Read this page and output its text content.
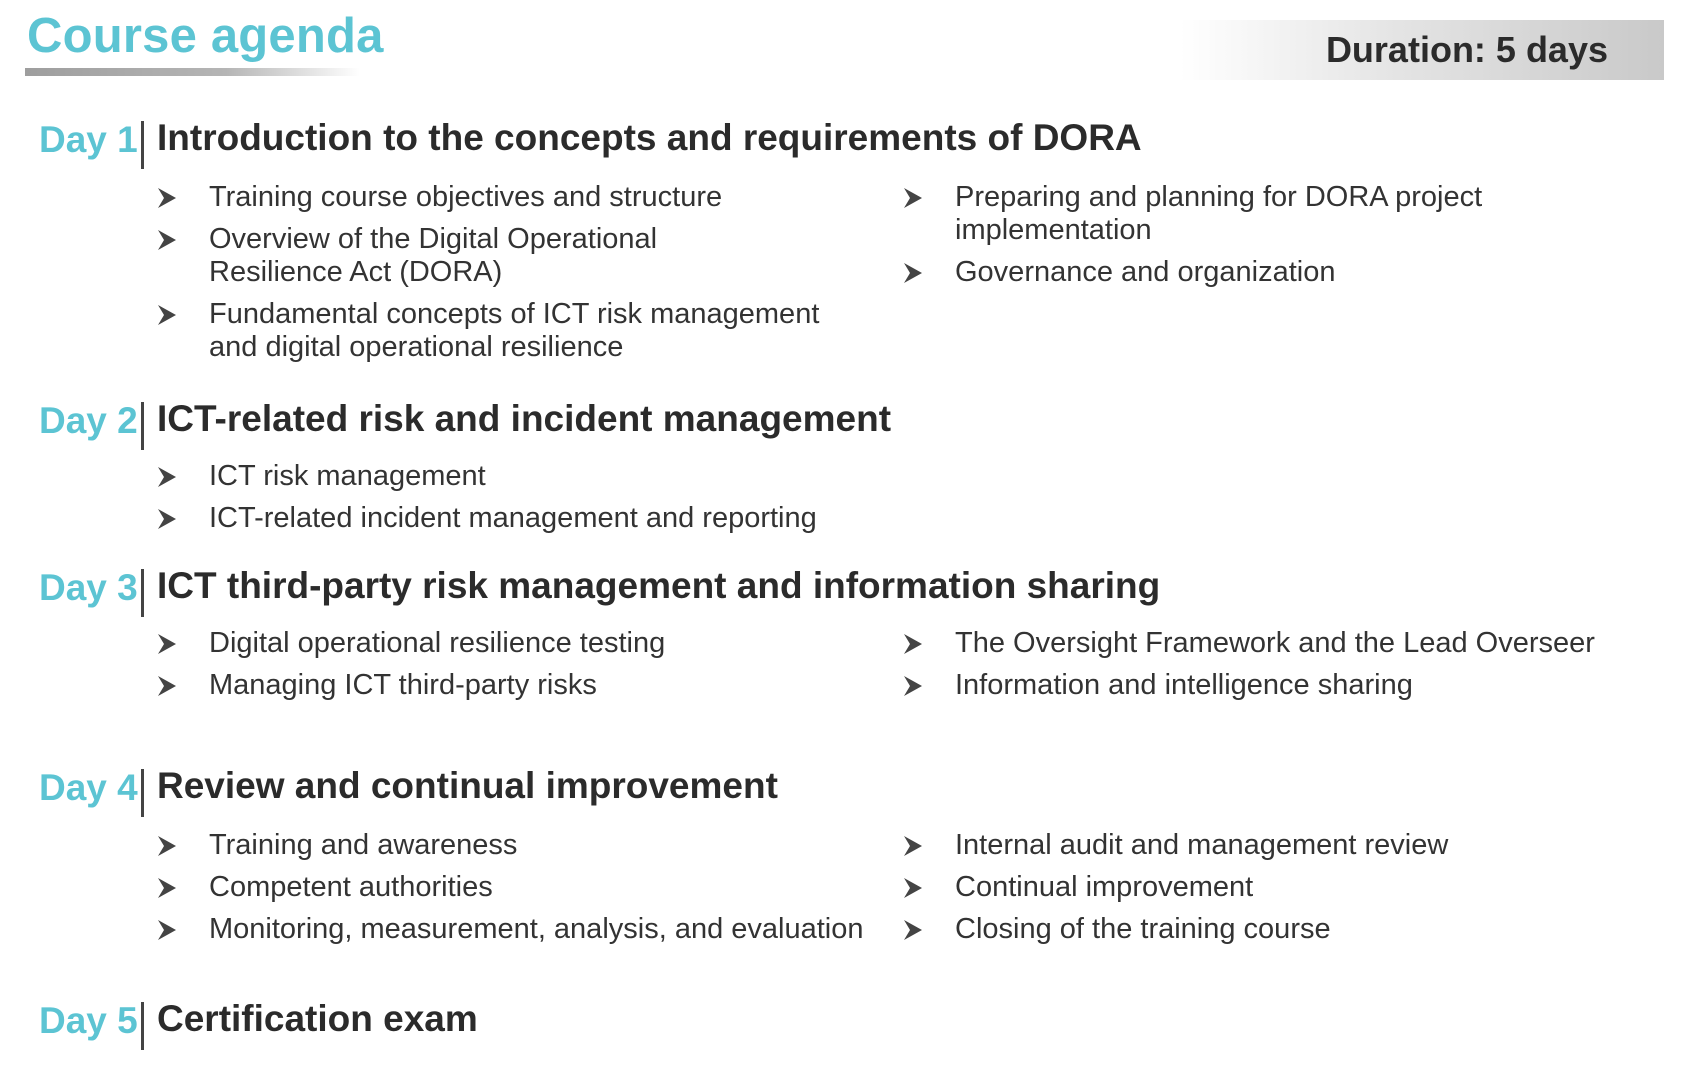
Course agenda	Duration: 5 days
Day 1 Introduction to the concepts and requirements of DORA
Training course objectives and structure
Overview of the Digital Operational Resilience Act (DORA)
Fundamental concepts of ICT risk management and digital operational resilience
Preparing and planning for DORA project implementation
Governance and organization
Day 2 ICT-related risk and incident management
ICT risk management
ICT-related incident management and reporting
Day 3 ICT third-party risk management and information sharing
Digital operational resilience testing
Managing ICT third-party risks
The Oversight Framework and the Lead Overseer
Information and intelligence sharing
Day 4 Review and continual improvement
Training and awareness
Competent authorities
Monitoring, measurement, analysis, and evaluation
Internal audit and management review
Continual improvement
Closing of the training course
Day 5 Certification exam
